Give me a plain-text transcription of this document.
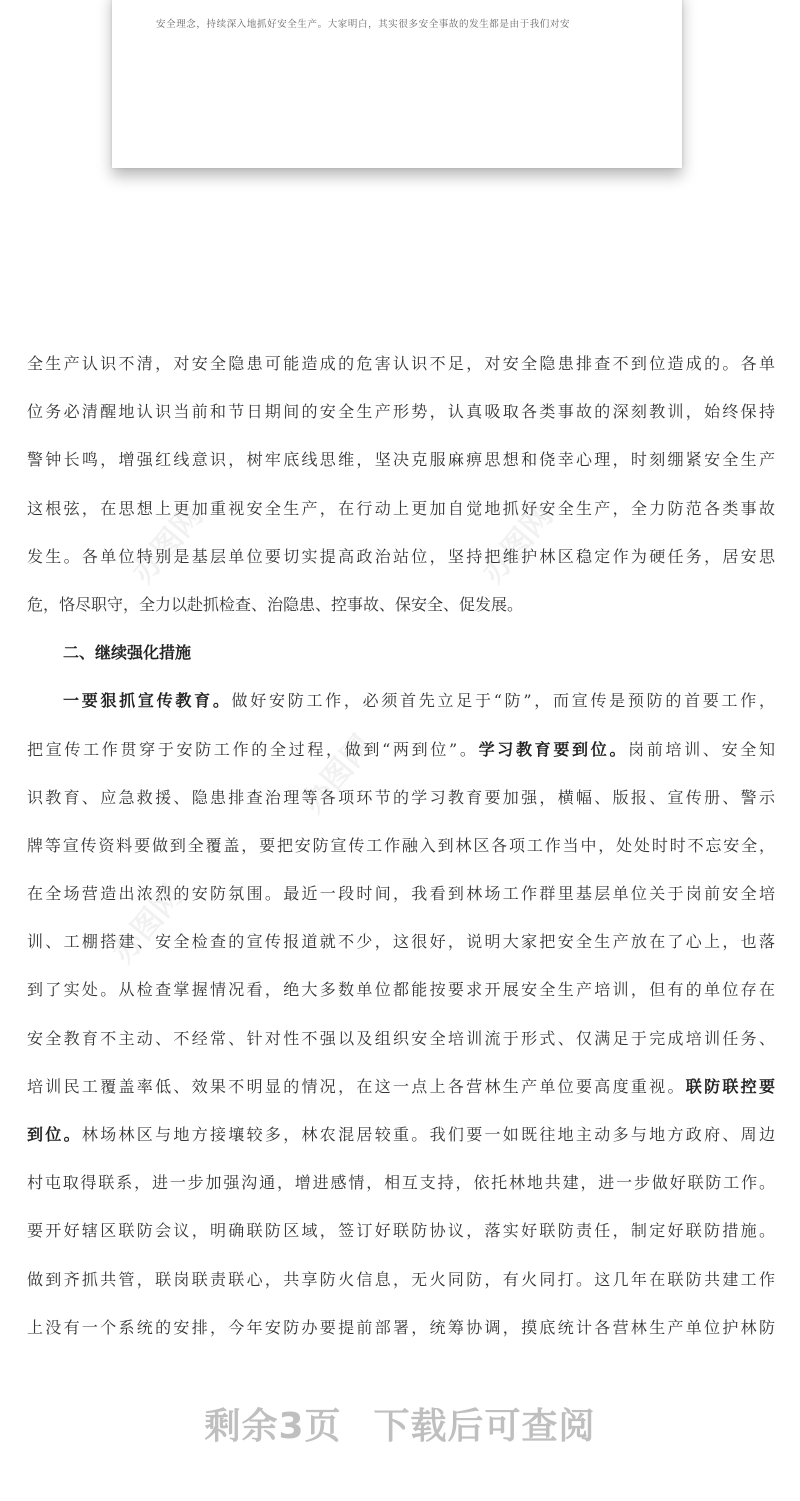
安全理念，持续深入地抓好安全生产。大家明白，其实很多安全事故的发生都是由于我们对安
办图网	办图网
办图网
办图网
全生产认识不清，对安全隐患可能造成的危害认识不足，对安全隐患排查不到位造成的。各单
位务必清醒地认识当前和节日期间的安全生产形势，认真吸取各类事故的深刻教训，始终保持
警钟长鸣，增强红线意识，树牢底线思维，坚决克服麻痹思想和侥幸心理，时刻绷紧安全生产
这根弦，在思想上更加重视安全生产，在行动上更加自觉地抓好安全生产，全力防范各类事故
发生。各单位特别是基层单位要切实提高政治站位，坚持把维护林区稳定作为硬任务，居安思
危，恪尽职守，全力以赴抓检查、治隐患、控事故、保安全、促发展。
二、继续强化措施
一要狠抓宣传教育。做好安防工作，必须首先立足于“防”，而宣传是预防的首要工作，
把宣传工作贯穿于安防工作的全过程，做到“两到位”。学习教育要到位。岗前培训、安全知
识教育、应急救援、隐患排查治理等各项环节的学习教育要加强，横幅、版报、宣传册、警示
牌等宣传资料要做到全覆盖，要把安防宣传工作融入到林区各项工作当中，处处时时不忘安全，
在全场营造出浓烈的安防氛围。最近一段时间，我看到林场工作群里基层单位关于岗前安全培
训、工棚搭建、安全检查的宣传报道就不少，这很好，说明大家把安全生产放在了心上，也落
到了实处。从检查掌握情况看，绝大多数单位都能按要求开展安全生产培训，但有的单位存在
安全教育不主动、不经常、针对性不强以及组织安全培训流于形式、仅满足于完成培训任务、
培训民工覆盖率低、效果不明显的情况，在这一点上各营林生产单位要高度重视。联防联控要
到位。林场林区与地方接壤较多，林农混居较重。我们要一如既往地主动多与地方政府、周边
村屯取得联系，进一步加强沟通，增进感情，相互支持，依托林地共建，进一步做好联防工作。
要开好辖区联防会议，明确联防区域，签订好联防协议，落实好联防责任，制定好联防措施。
做到齐抓共管，联岗联责联心，共享防火信息，无火同防，有火同打。这几年在联防共建工作
上没有一个系统的安排，今年安防办要提前部署，统筹协调，摸底统计各营林生产单位护林防
剩余3页 下载后可查阅
